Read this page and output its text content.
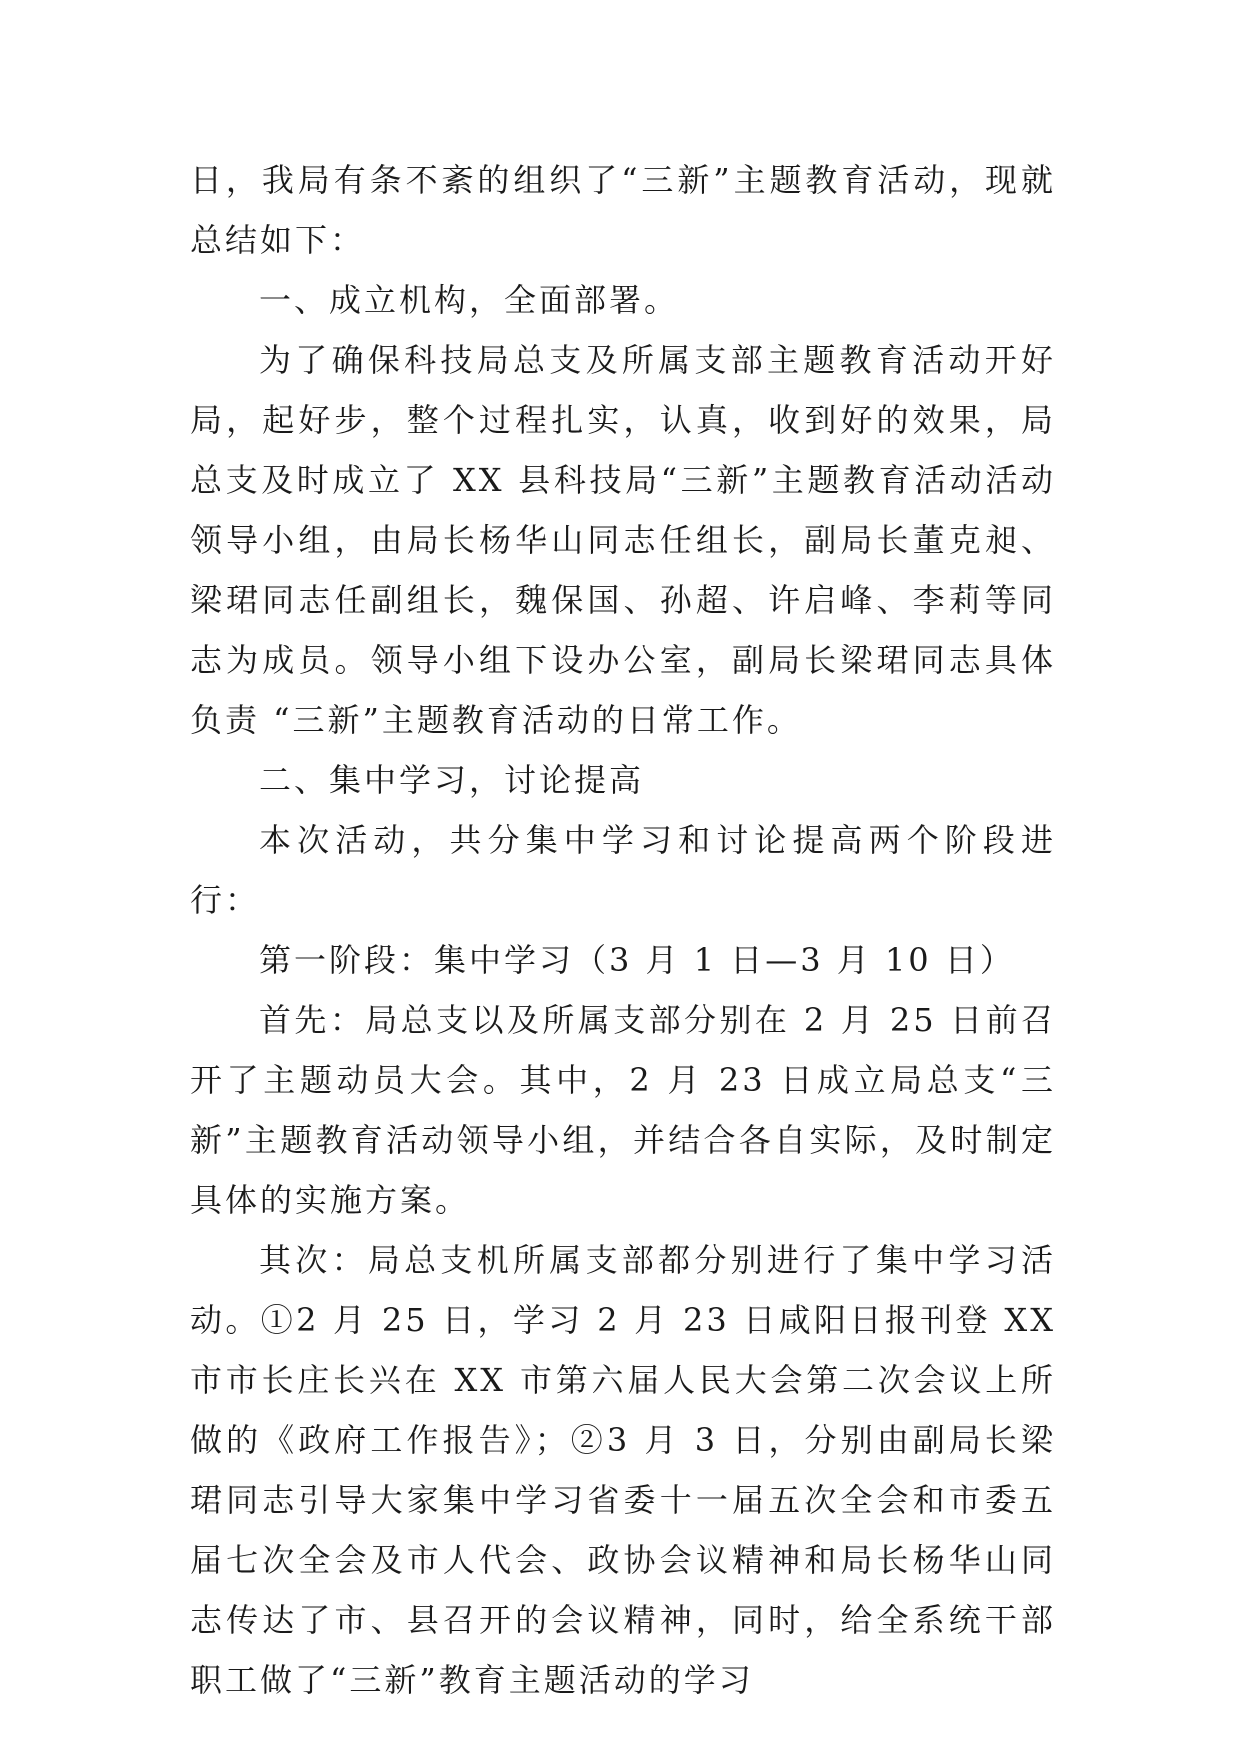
日，我局有条不紊的组织了“三新”主题教育活动，现就总结如下：

一、成立机构，全面部署。

为了确保科技局总支及所属支部主题教育活动开好局，起好步，整个过程扎实，认真，收到好的效果，局总支及时成立了 XX 县科技局“三新”主题教育活动活动领导小组，由局长杨华山同志任组长，副局长董克昶、梁珺同志任副组长，魏保国、孙超、许启峰、李莉等同志为成员。领导小组下设办公室，副局长梁珺同志具体负责 “三新”主题教育活动的日常工作。

二、集中学习，讨论提高

本次活动，共分集中学习和讨论提高两个阶段进行：

第一阶段：集中学习（3 月 1 日—3 月 10 日）

首先：局总支以及所属支部分别在 2 月 25 日前召开了主题动员大会。其中，2 月 23 日成立局总支“三新”主题教育活动领导小组，并结合各自实际，及时制定具体的实施方案。

其次：局总支机所属支部都分别进行了集中学习活动。①2 月 25 日，学习 2 月 23 日咸阳日报刊登 XX 市市长庄长兴在 XX 市第六届人民大会第二次会议上所做的《政府工作报告》；②3 月 3 日，分别由副局长梁珺同志引导大家集中学习省委十一届五次全会和市委五届七次全会及市人代会、政协会议精神和局长杨华山同志传达了市、县召开的会议精神，同时，给全系统干部职工做了“三新”教育主题活动的学习
